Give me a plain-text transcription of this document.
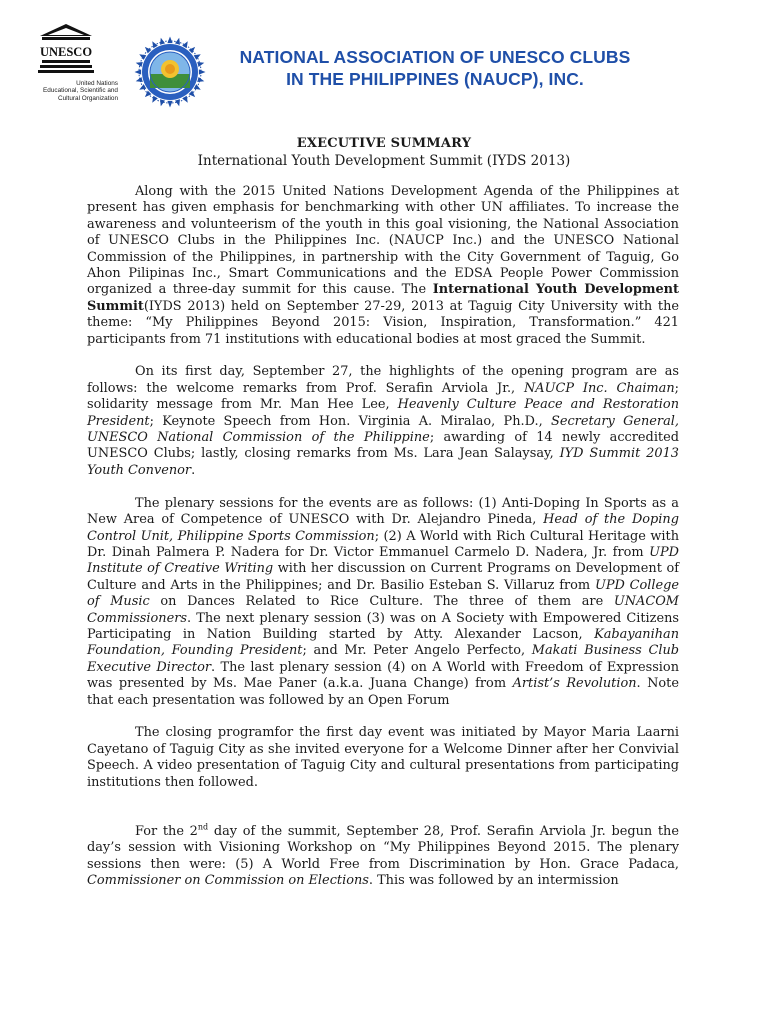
UNESCO
United Nations
Educational, Scientific and
Cultural Organization
NATIONAL ASSOCIATION OF UNESCO CLUBS
IN THE PHILIPPINES (NAUCP), INC.
EXECUTIVE SUMMARY
International Youth Development Summit (IYDS 2013)

Along with the 2015 United Nations Development Agenda of the Philippines at present has given emphasis for benchmarking with other UN affiliates. To increase the awareness and volunteerism of the youth in this goal visioning, the National Association of UNESCO Clubs in the Philippines Inc. (NAUCP Inc.) and the UNESCO National Commission of the Philippines, in partnership with the City Government of Taguig, Go Ahon Pilipinas Inc., Smart Communications and the EDSA People Power Commission organized a three-day summit for this cause. The International Youth Development Summit(IYDS 2013) held on September 27-29, 2013 at Taguig City University with the theme: “My Philippines Beyond 2015: Vision, Inspiration, Transformation.” 421 participants from 71 institutions with educational bodies at most graced the Summit.

On its first day, September 27, the highlights of the opening program are as follows: the welcome remarks from Prof. Serafin Arviola Jr., NAUCP Inc. Chaiman; solidarity message from Mr. Man Hee Lee, Heavenly Culture Peace and Restoration President; Keynote Speech from Hon. Virginia A. Miralao, Ph.D., Secretary General, UNESCO National Commission of the Philippine; awarding of 14 newly accredited UNESCO Clubs; lastly, closing remarks from Ms. Lara Jean Salaysay, IYD Summit 2013 Youth Convenor.

The plenary sessions for the events are as follows: (1) Anti-Doping In Sports as a New Area of Competence of UNESCO with Dr. Alejandro Pineda, Head of the Doping Control Unit, Philippine Sports Commission; (2) A World with Rich Cultural Heritage with Dr. Dinah Palmera P. Nadera for Dr. Victor Emmanuel Carmelo D. Nadera, Jr. from UPD Institute of Creative Writing with her discussion on Current Programs on Development of Culture and Arts in the Philippines; and Dr. Basilio Esteban S. Villaruz from UPD College of Music on Dances Related to Rice Culture. The three of them are UNACOM Commissioners. The next plenary session (3) was on A Society with Empowered Citizens Participating in Nation Building started by Atty. Alexander Lacson, Kabayanihan Foundation, Founding President; and Mr. Peter Angelo Perfecto, Makati Business Club Executive Director. The last plenary session (4) on A World with Freedom of Expression was presented by Ms. Mae Paner (a.k.a. Juana Change) from Artist’s Revolution. Note that each presentation was followed by an Open Forum

The closing programfor the first day event was initiated by Mayor Maria Laarni Cayetano of Taguig City as she invited everyone for a Welcome Dinner after her Convivial Speech. A video presentation of Taguig City and cultural presentations from participating institutions then followed.

For the 2nd day of the summit, September 28, Prof. Serafin Arviola Jr. begun the day’s session with Visioning Workshop on “My Philippines Beyond 2015. The plenary sessions then were: (5) A World Free from Discrimination by Hon. Grace Padaca, Commissioner on Commission on Elections. This was followed by an intermission
